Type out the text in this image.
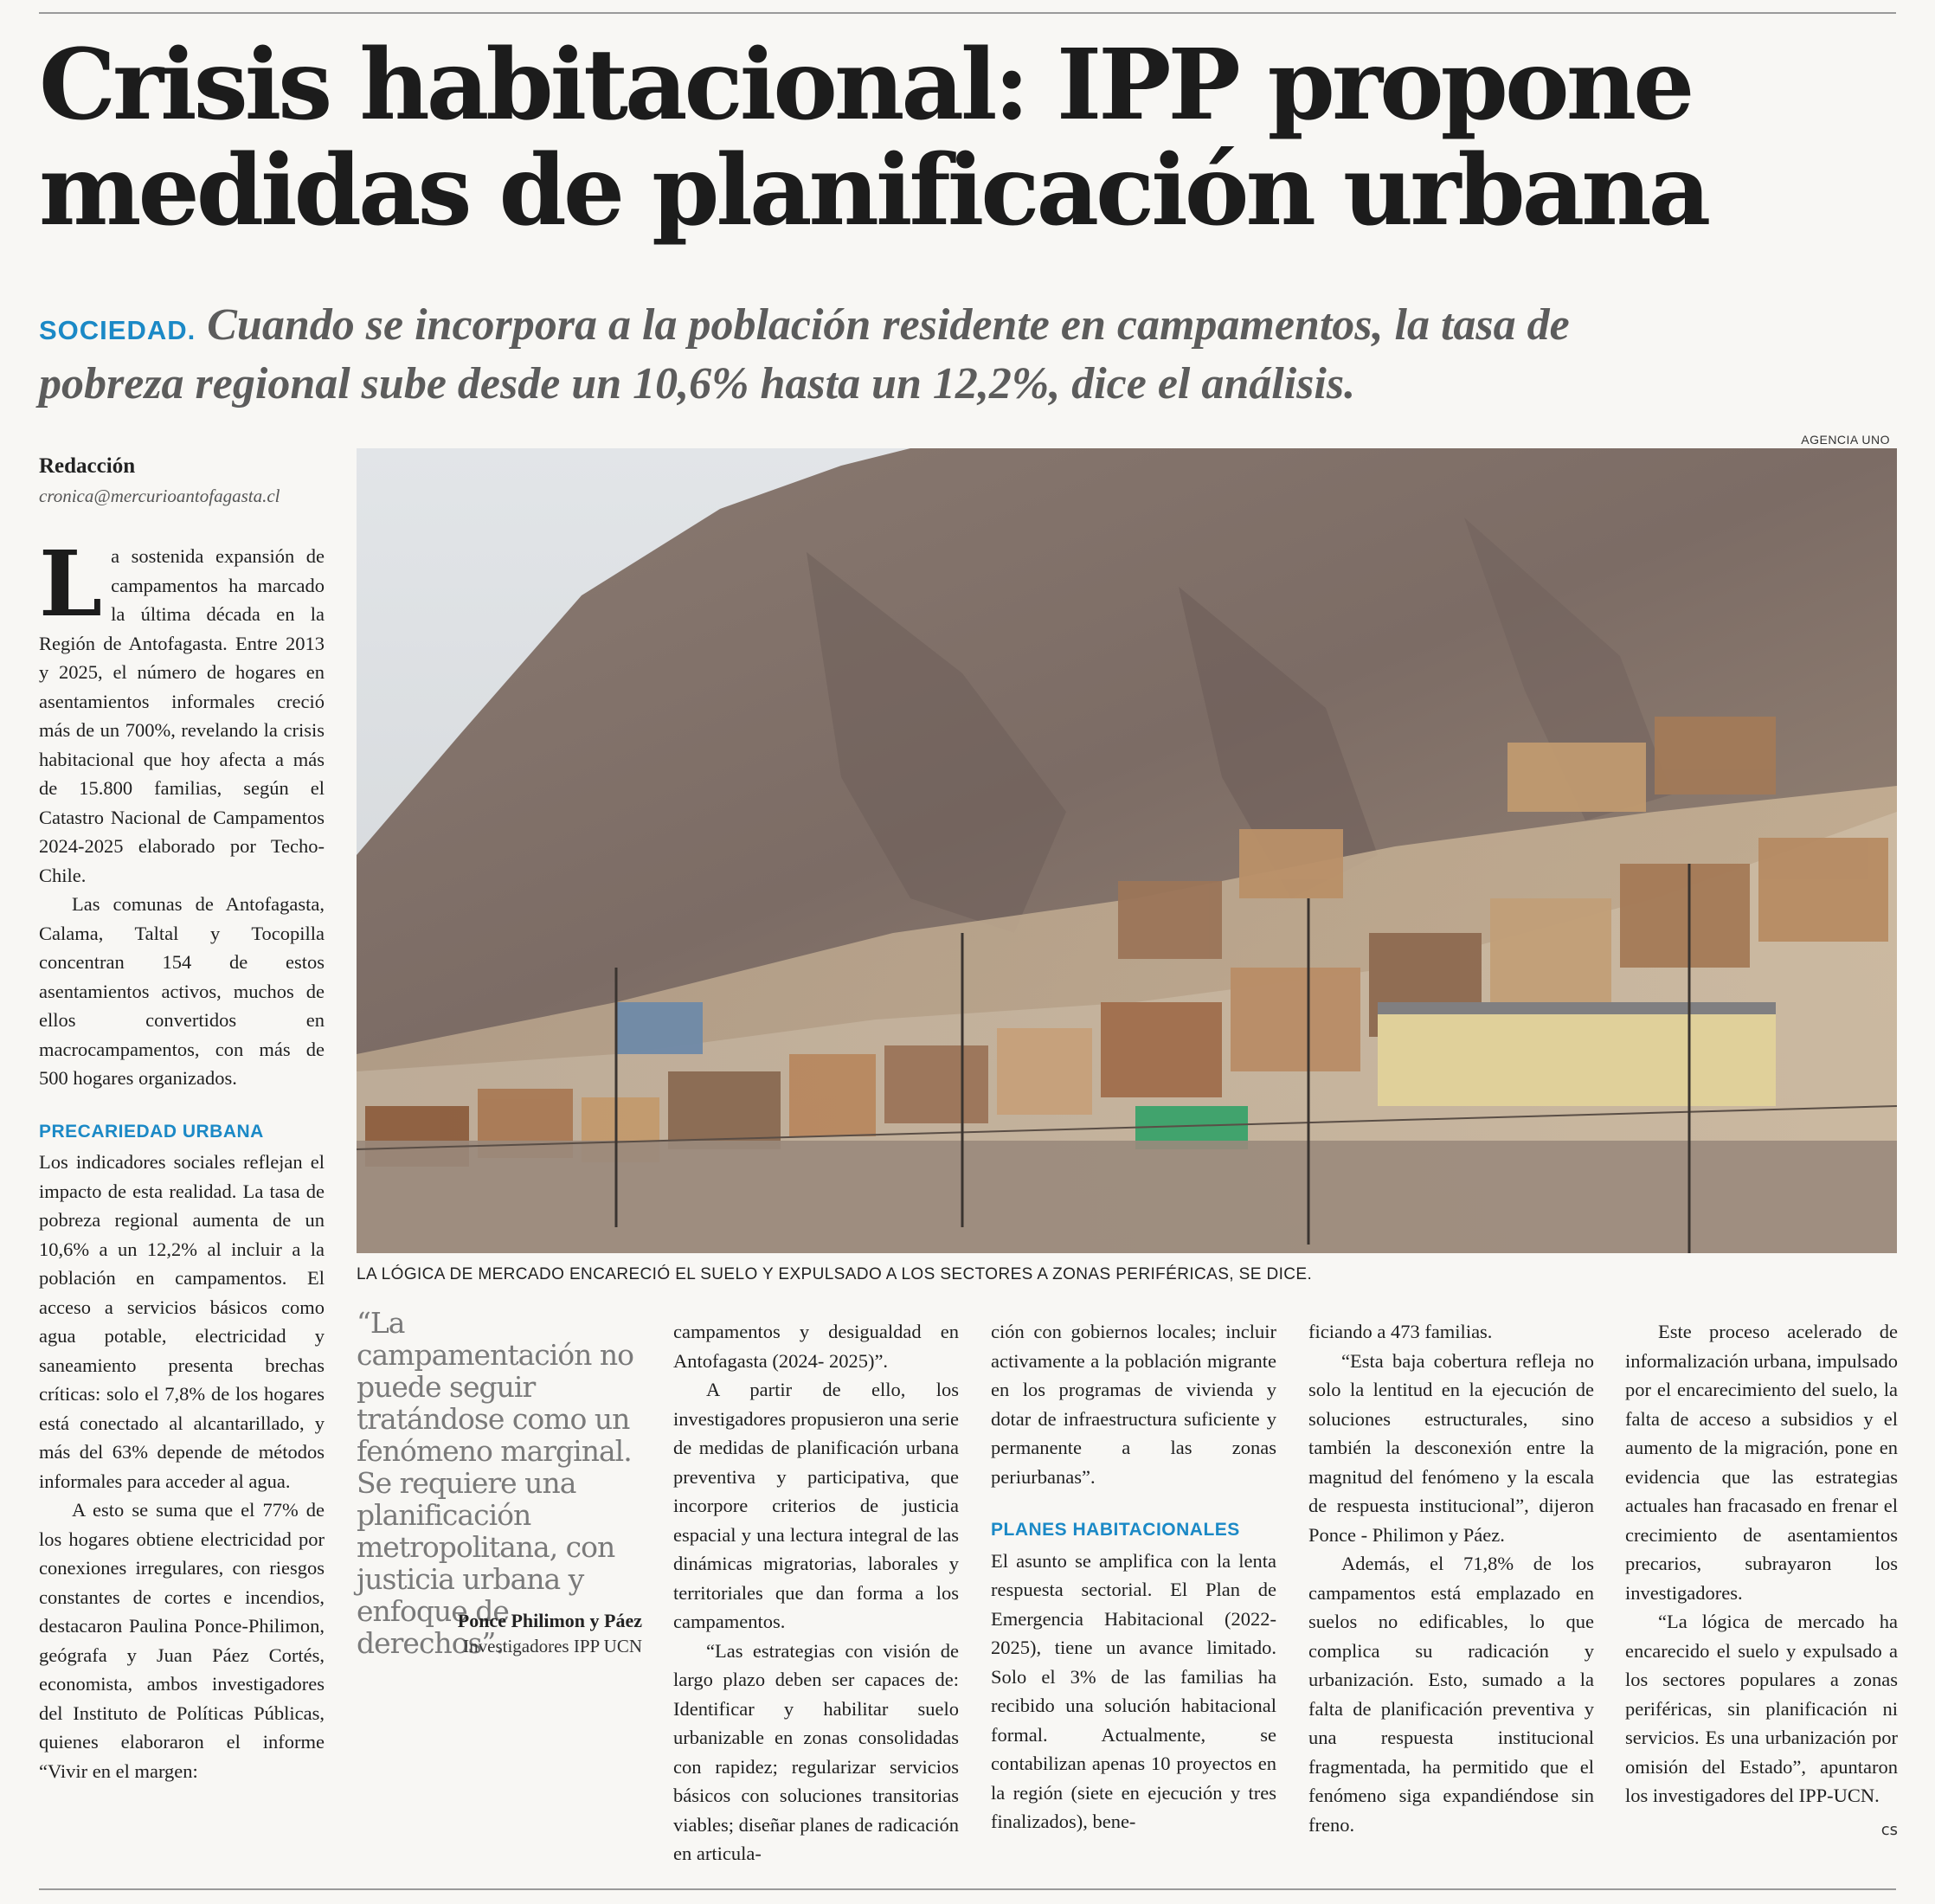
Crisis habitacional: IPP propone
medidas de planificación urbana
SOCIEDAD. Cuando se incorpora a la población residente en campamentos, la tasa de pobreza regional sube desde un 10,6% hasta un 12,2%, dice el análisis.
Redacción
cronica@mercurioantofagasta.cl
AGENCIA UNO
LA LÓGICA DE MERCADO ENCARECIÓ EL SUELO Y EXPULSADO A LOS SECTORES A ZONAS PERIFÉRICAS, SE DICE.

La sostenida expansión de campamentos ha marcado la última década en la Región de Antofagasta. Entre 2013 y 2025, el número de hogares en asentamientos informales creció más de un 700%, revelando la crisis habitacional que hoy afecta a más de 15.800 familias, según el Catastro Nacional de Campamentos 2024-2025 elaborado por Techo-Chile.

Las comunas de Antofagasta, Calama, Taltal y Tocopilla concentran 154 de estos asentamientos activos, muchos de ellos convertidos en macrocampamentos, con más de 500 hogares organizados.

PRECARIEDAD URBANA

Los indicadores sociales reflejan el impacto de esta realidad. La tasa de pobreza regional aumenta de un 10,6% a un 12,2% al incluir a la población en campamentos. El acceso a servicios básicos como agua potable, electricidad y saneamiento presenta brechas críticas: solo el 7,8% de los hogares está conectado al alcantarillado, y más del 63% depende de métodos informales para acceder al agua.

A esto se suma que el 77% de los hogares obtiene electricidad por conexiones irregulares, con riesgos constantes de cortes e incendios, destacaron Paulina Ponce-Philimon, geógrafa y Juan Páez Cortés, economista, ambos investigadores del Instituto de Políticas Públicas, quienes elaboraron el informe “Vivir en el margen:

“La campamentación no puede seguir tratándose como un fenómeno marginal. Se requiere una planificación metropolitana, con justicia urbana y enfoque de derechos”.
Ponce Philimon y Páez
Investigadores IPP UCN

campamentos y desigualdad en Antofagasta (2024- 2025)”.

A partir de ello, los investigadores propusieron una serie de medidas de planificación urbana preventiva y participativa, que incorpore criterios de justicia espacial y una lectura integral de las dinámicas migratorias, laborales y territoriales que dan forma a los campamentos.

“Las estrategias con visión de largo plazo deben ser capaces de: Identificar y habilitar suelo urbanizable en zonas consolidadas con rapidez; regularizar servicios básicos con soluciones transitorias viables; diseñar planes de radicación en articula-

ción con gobiernos locales; incluir activamente a la población migrante en los programas de vivienda y dotar de infraestructura suficiente y permanente a las zonas periurbanas”.

PLANES HABITACIONALES

El asunto se amplifica con la lenta respuesta sectorial. El Plan de Emergencia Habitacional (2022-2025), tiene un avance limitado. Solo el 3% de las familias ha recibido una solución habitacional formal. Actualmente, se contabilizan apenas 10 proyectos en la región (siete en ejecución y tres finalizados), bene-

ficiando a 473 familias.

“Esta baja cobertura refleja no solo la lentitud en la ejecución de soluciones estructurales, sino también la desconexión entre la magnitud del fenómeno y la escala de respuesta institucional”, dijeron Ponce - Philimon y Páez.

Además, el 71,8% de los campamentos está emplazado en suelos no edificables, lo que complica su radicación y urbanización. Esto, sumado a la falta de planificación preventiva y una respuesta institucional fragmentada, ha permitido que el fenómeno siga expandiéndose sin freno.

Este proceso acelerado de informalización urbana, impulsado por el encarecimiento del suelo, la falta de acceso a subsidios y el aumento de la migración, pone en evidencia que las estrategias actuales han fracasado en frenar el crecimiento de asentamientos precarios, subrayaron los investigadores.

“La lógica de mercado ha encarecido el suelo y expulsado a los sectores populares a zonas periféricas, sin planificación ni servicios. Es una urbanización por omisión del Estado”, apuntaron los investigadores del IPP-UCN.

cs
